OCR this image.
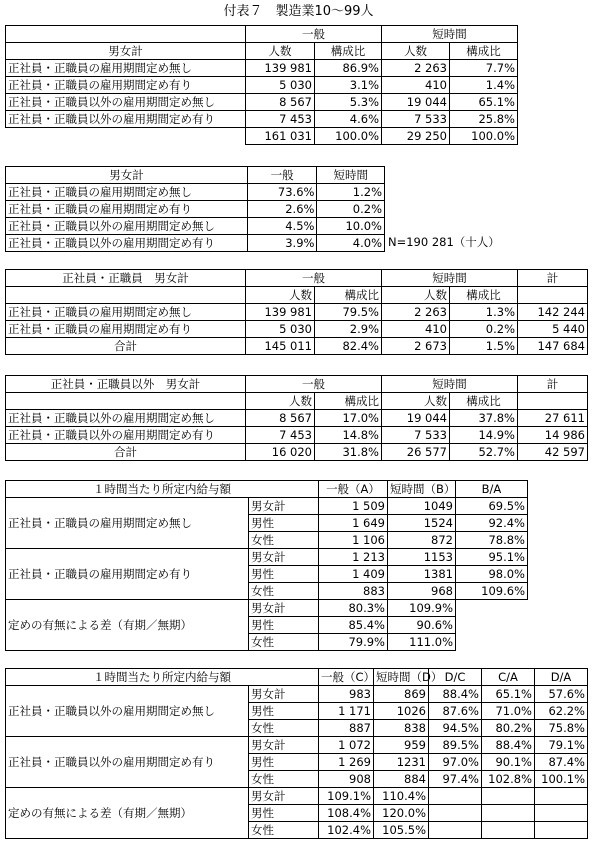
付表７　製造業10〜99人
	一般		短時間	
男女計	人数	構成比	人数	構成比
正社員・正職員の雇用期間定め無し	139 981	86.9%	2 263	7.7%
正社員・正職員の雇用期間定め有り	5 030	3.1%	410	1.4%
正社員・正職員以外の雇用期間定め無し	8 567	5.3%	19 044	65.1%
正社員・正職員以外の雇用期間定め有り	7 453	4.6%	7 533	25.8%
	161 031	100.0%	29 250	100.0%
男女計	一般	短時間
正社員・正職員の雇用期間定め無し	73.6%	1.2%
正社員・正職員の雇用期間定め有り	2.6%	0.2%
正社員・正職員以外の雇用期間定め無し	4.5%	10.0%
正社員・正職員以外の雇用期間定め有り	3.9%	4.0% N=190 281（十人）
正社員・正職員　男女計	一般		短時間		計
	人数	構成比	人数	構成比	
正社員・正職員の雇用期間定め無し	139 981	79.5%	2 263	1.3%	142 244
正社員・正職員の雇用期間定め有り	5 030	2.9%	410	0.2%	5 440
合計	145 011	82.4%	2 673	1.5%	147 684
正社員・正職員以外　男女計	一般		短時間		計
	人数	構成比	人数	構成比	
正社員・正職員以外の雇用期間定め無し	8 567	17.0%	19 044	37.8%	27 611
正社員・正職員以外の雇用期間定め有り	7 453	14.8%	7 533	14.9%	14 986
合計	16 020	31.8%	26 577	52.7%	42 597
１時間当たり所定内給与額		一般（A）	短時間（B）	B/A
正社員・正職員の雇用期間定め無し	男女計	1 509	1049	69.5%
	男性	1 649	1524	92.4%
	女性	1 106	872	78.8%
正社員・正職員の雇用期間定め有り	男女計	1 213	1153	95.1%
	男性	1 409	1381	98.0%
	女性	883	968	109.6%
定めの有無による差（有期／無期）	男女計	80.3%	109.9%	
	男性	85.4%	90.6%	
	女性	79.9%	111.0%	
１時間当たり所定内給与額		一般（C）	短時間（D）	D/C	C/A	D/A
正社員・正職員以外の雇用期間定め無し	男女計	983	869	88.4%	65.1%	57.6%
	男性	1 171	1026	87.6%	71.0%	62.2%
	女性	887	838	94.5%	80.2%	75.8%
正社員・正職員以外の雇用期間定め有り	男女計	1 072	959	89.5%	88.4%	79.1%
	男性	1 269	1231	97.0%	90.1%	87.4%
	女性	908	884	97.4%	102.8%	100.1%
定めの有無による差（有期／無期）	男女計	109.1%	110.4%			
	男性	108.4%	120.0%			
	女性	102.4%	105.5%			
